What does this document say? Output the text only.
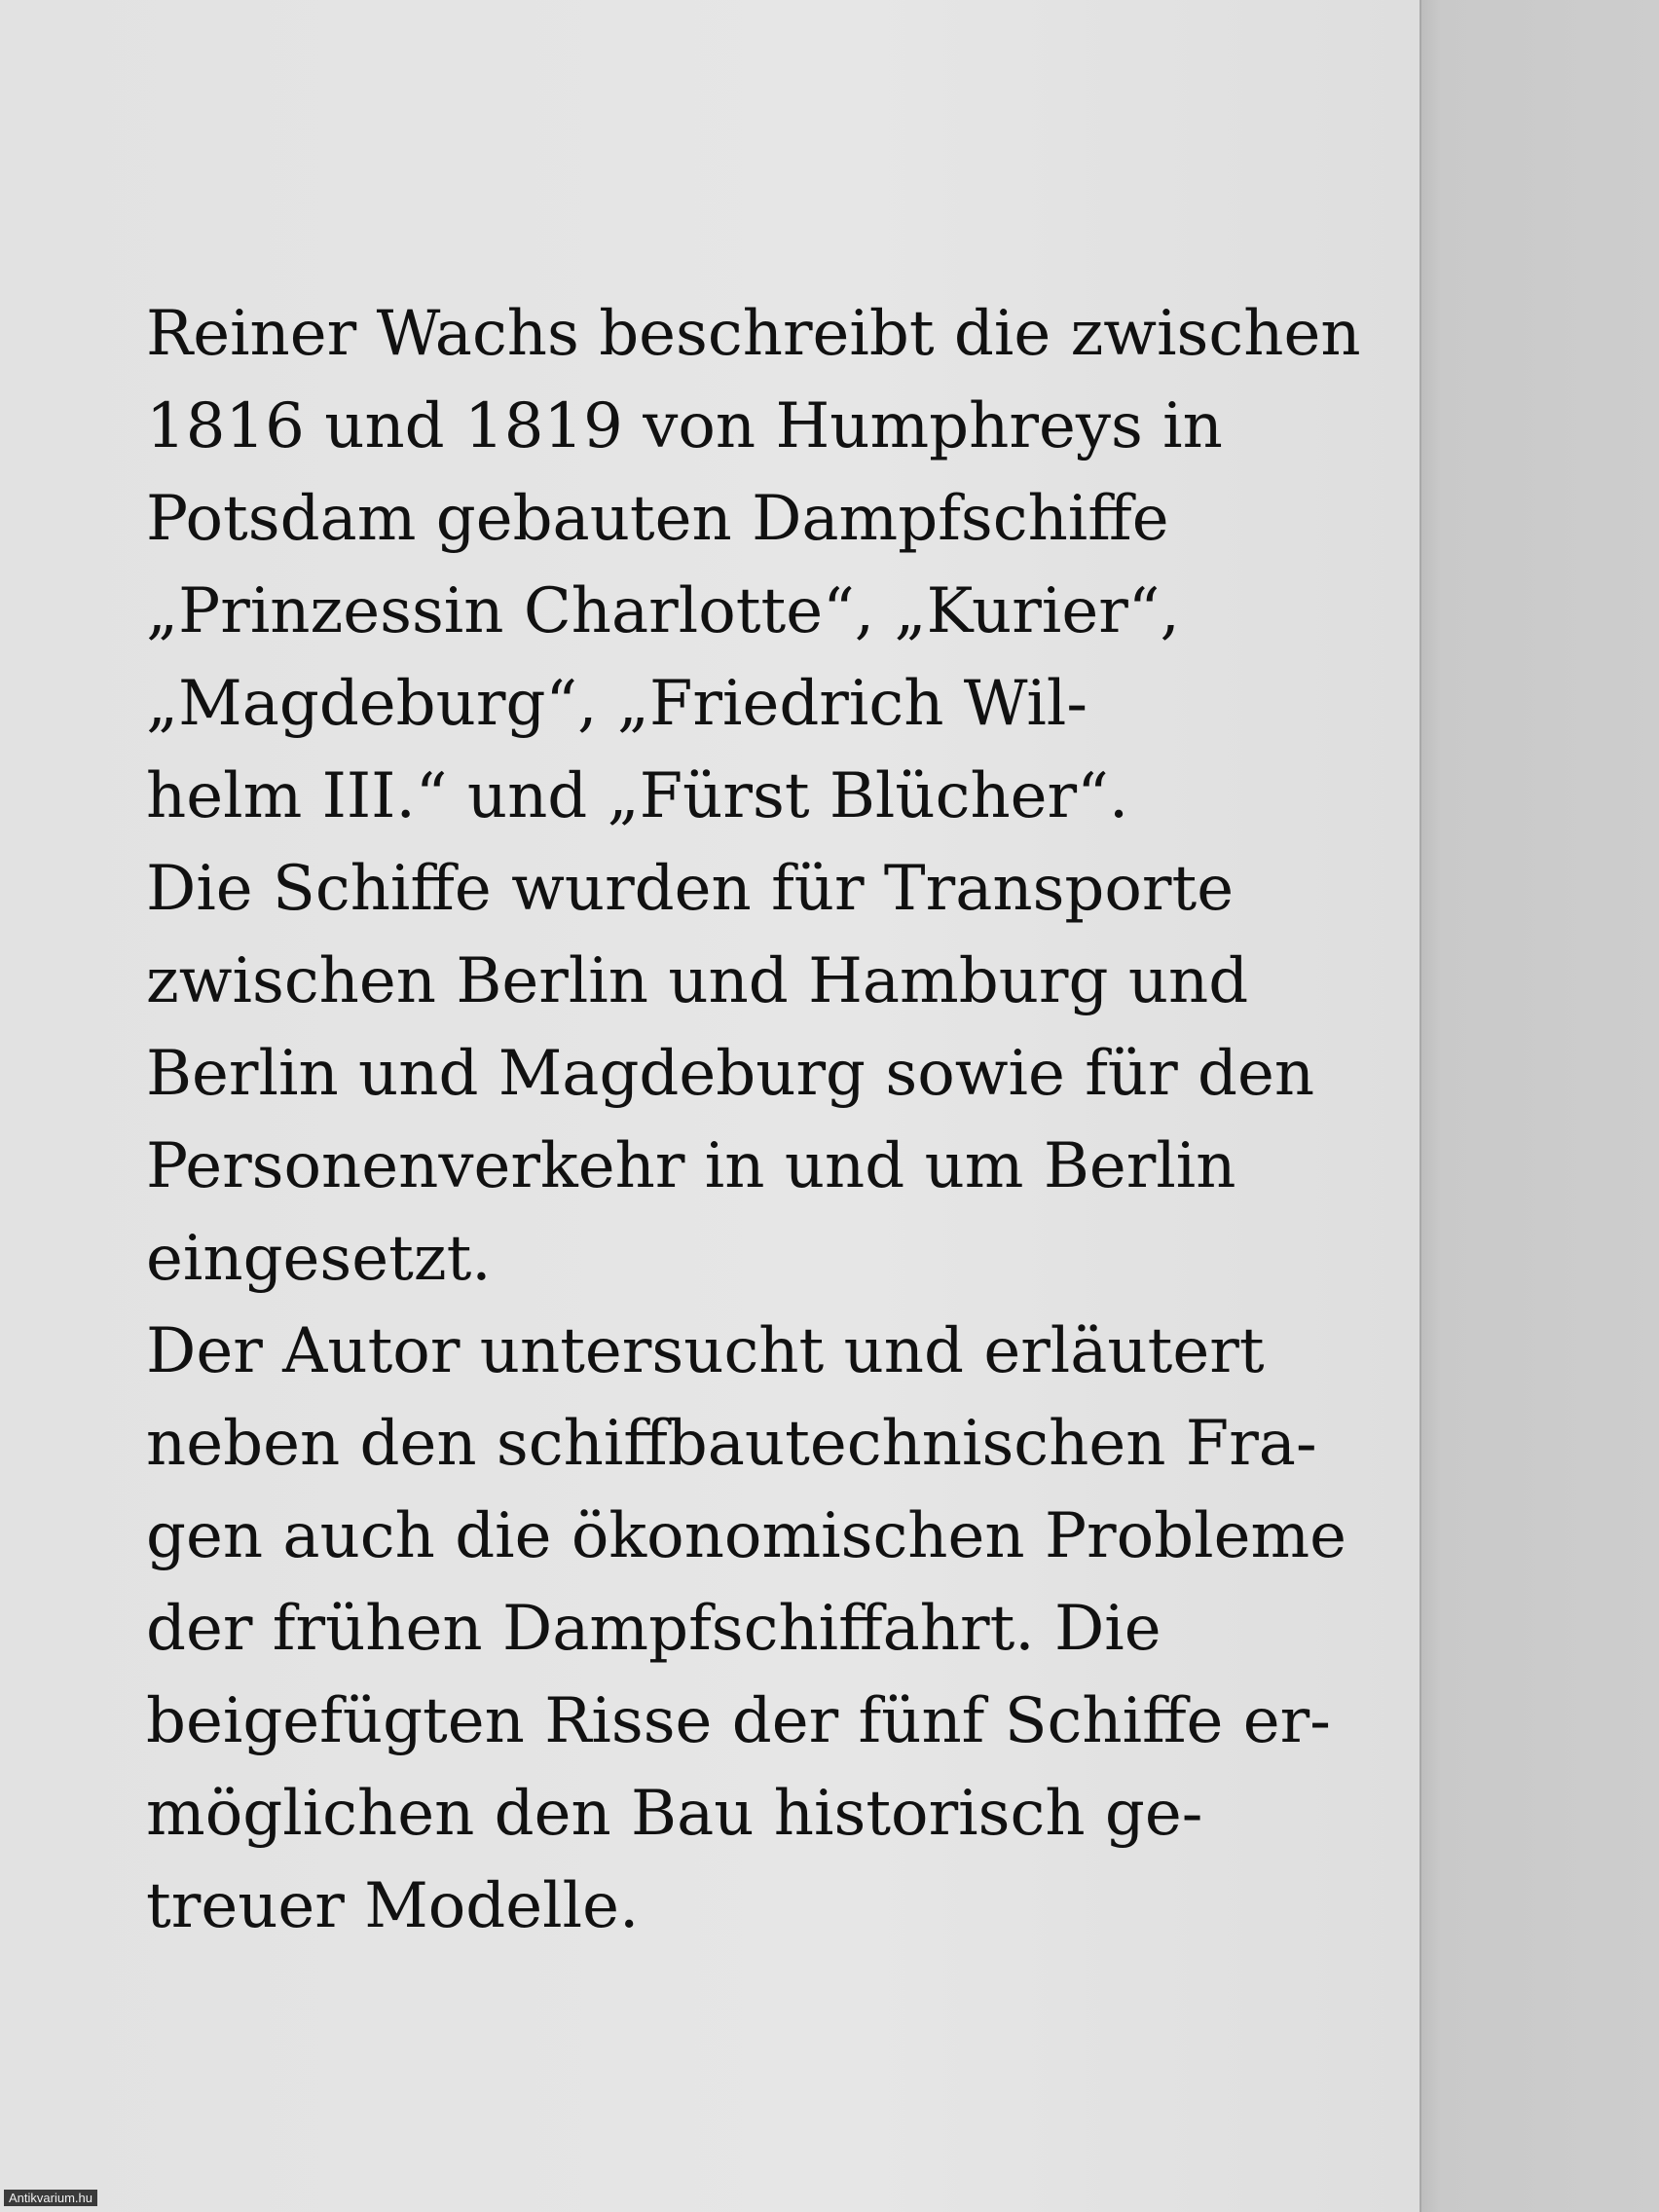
Reiner Wachs beschreibt die zwischen
1816 und 1819 von Humphreys in
Potsdam gebauten Dampfschiffe
„Prinzessin Charlotte“, „Kurier“,
„Magdeburg“, „Friedrich Wil-
helm III.“ und „Fürst Blücher“.
Die Schiffe wurden für Transporte
zwischen Berlin und Hamburg und
Berlin und Magdeburg sowie für den
Personenverkehr in und um Berlin
eingesetzt.
Der Autor untersucht und erläutert
neben den schiffbautechnischen Fra-
gen auch die ökonomischen Probleme
der frühen Dampfschiffahrt. Die
beigefügten Risse der fünf Schiffe er-
möglichen den Bau historisch ge-
treuer Modelle.
Antikvarium.hu
